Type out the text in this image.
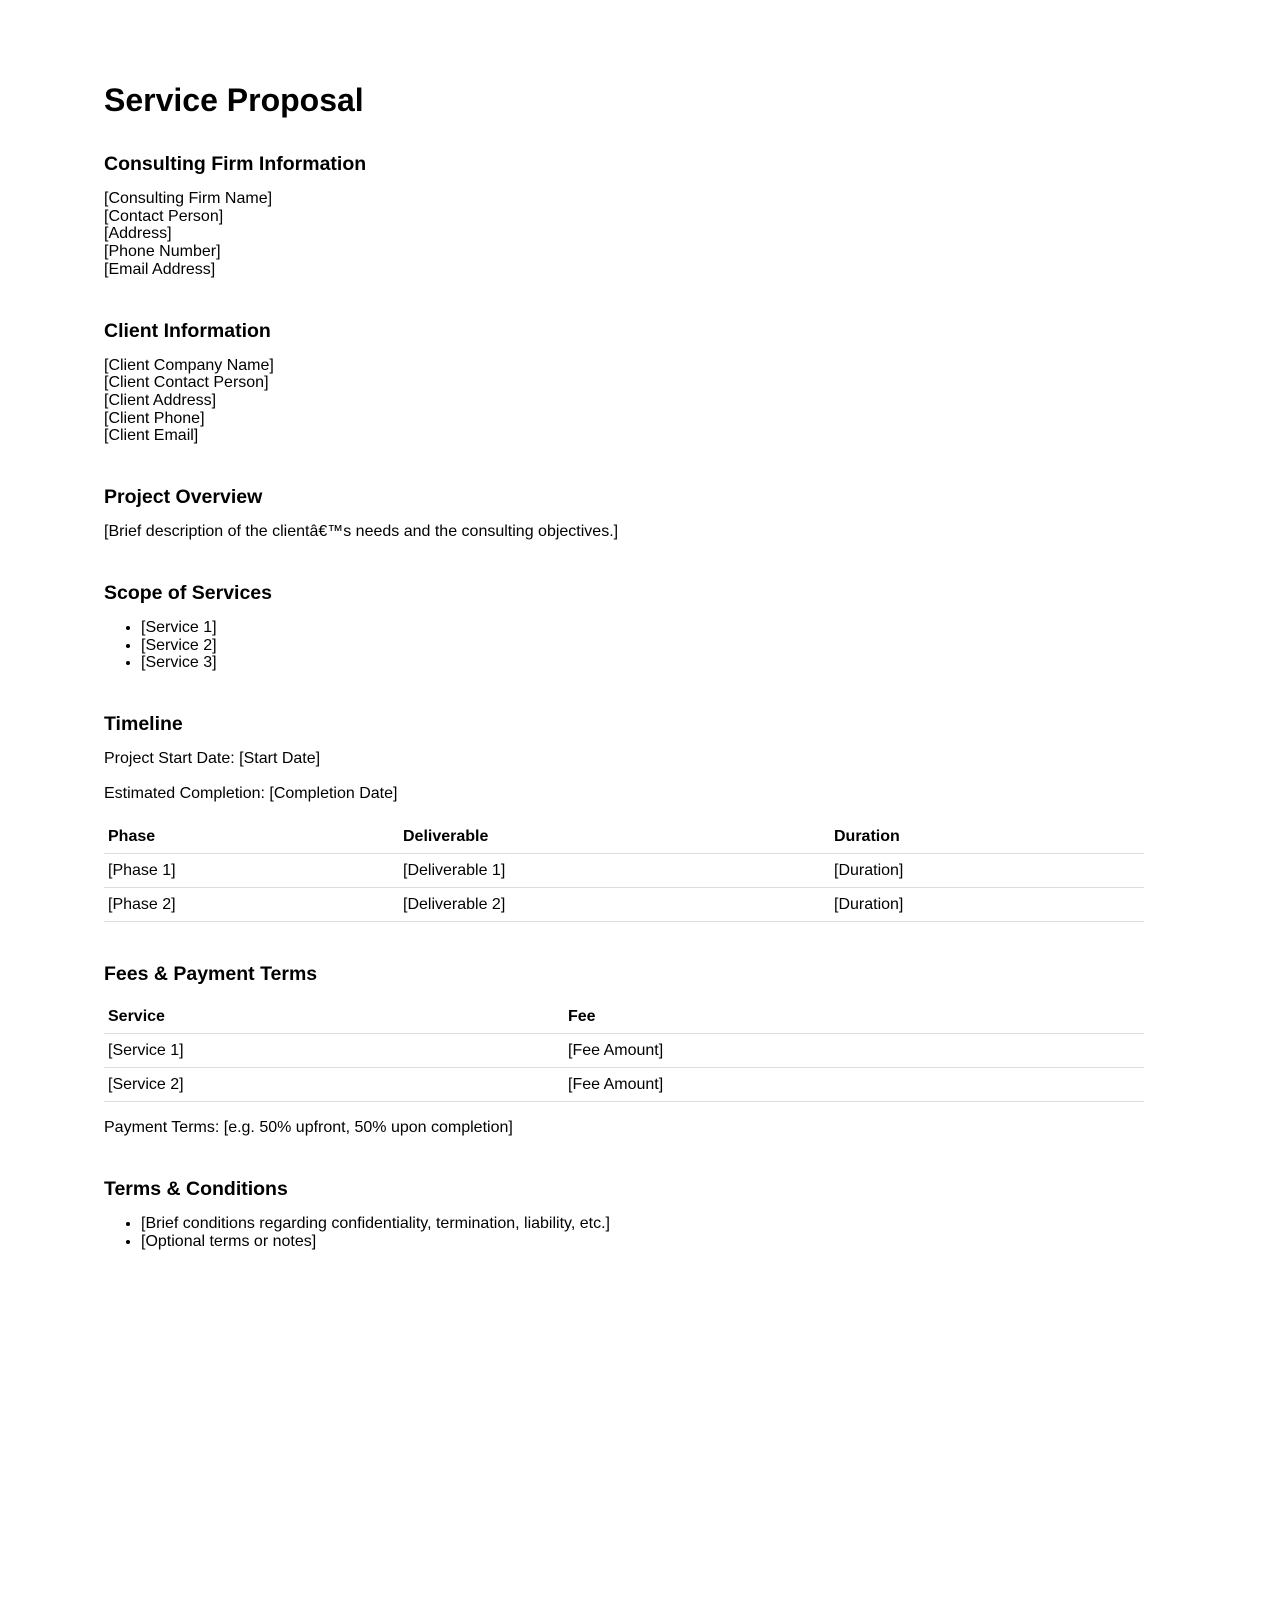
Service Proposal
Consulting Firm Information
[Consulting Firm Name]
[Contact Person]
[Address]
[Phone Number]
[Email Address]
Client Information
[Client Company Name]
[Client Contact Person]
[Client Address]
[Client Phone]
[Client Email]
Project Overview

[Brief description of the clientâ€™s needs and the consulting objectives.]

Scope of Services
• [Service 1]
• [Service 2]
• [Service 3]
Timeline

Project Start Date: [Start Date]

Estimated Completion: [Completion Date]

Phase	Deliverable	Duration
[Phase 1]	[Deliverable 1]	[Duration]
[Phase 2]	[Deliverable 2]	[Duration]
Fees & Payment Terms
Service	Fee
[Service 1]	[Fee Amount]
[Service 2]	[Fee Amount]

Payment Terms: [e.g. 50% upfront, 50% upon completion]

Terms & Conditions
• [Brief conditions regarding confidentiality, termination, liability, etc.]
• [Optional terms or notes]
